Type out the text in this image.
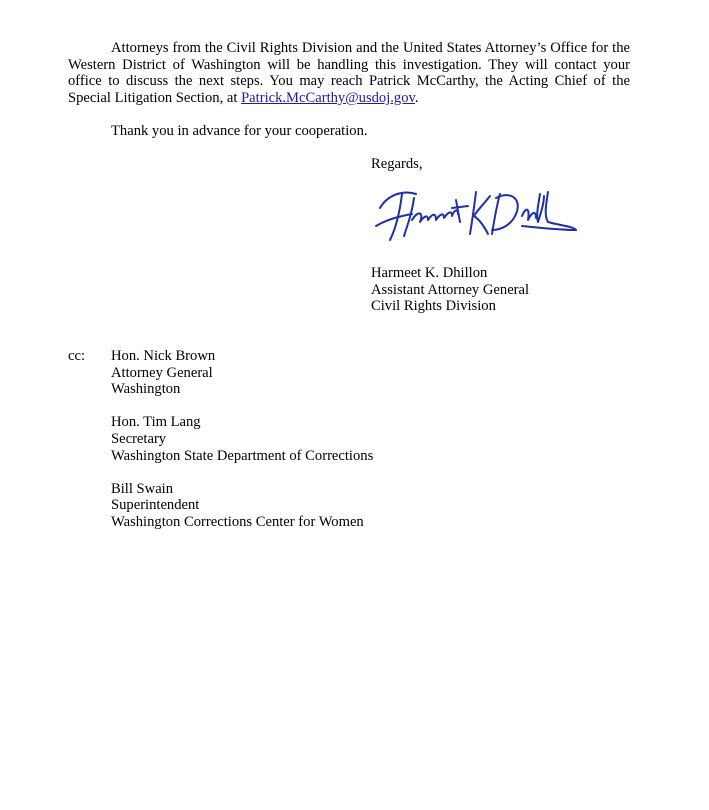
Attorneys from the Civil Rights Division and the United States Attorney’s Office for the Western District of Washington will be handling this investigation. They will contact your office to discuss the next steps. You may reach Patrick McCarthy, the Acting Chief of the Special Litigation Section, at Patrick.McCarthy@usdoj.gov.

Thank you in advance for your cooperation.

Regards,
Harmeet K. Dhillon
Assistant Attorney General
Civil Rights Division
cc: Hon. Nick Brown
Attorney General
Washington
Hon. Tim Lang
Secretary
Washington State Department of Corrections
Bill Swain
Superintendent
Washington Corrections Center for Women
